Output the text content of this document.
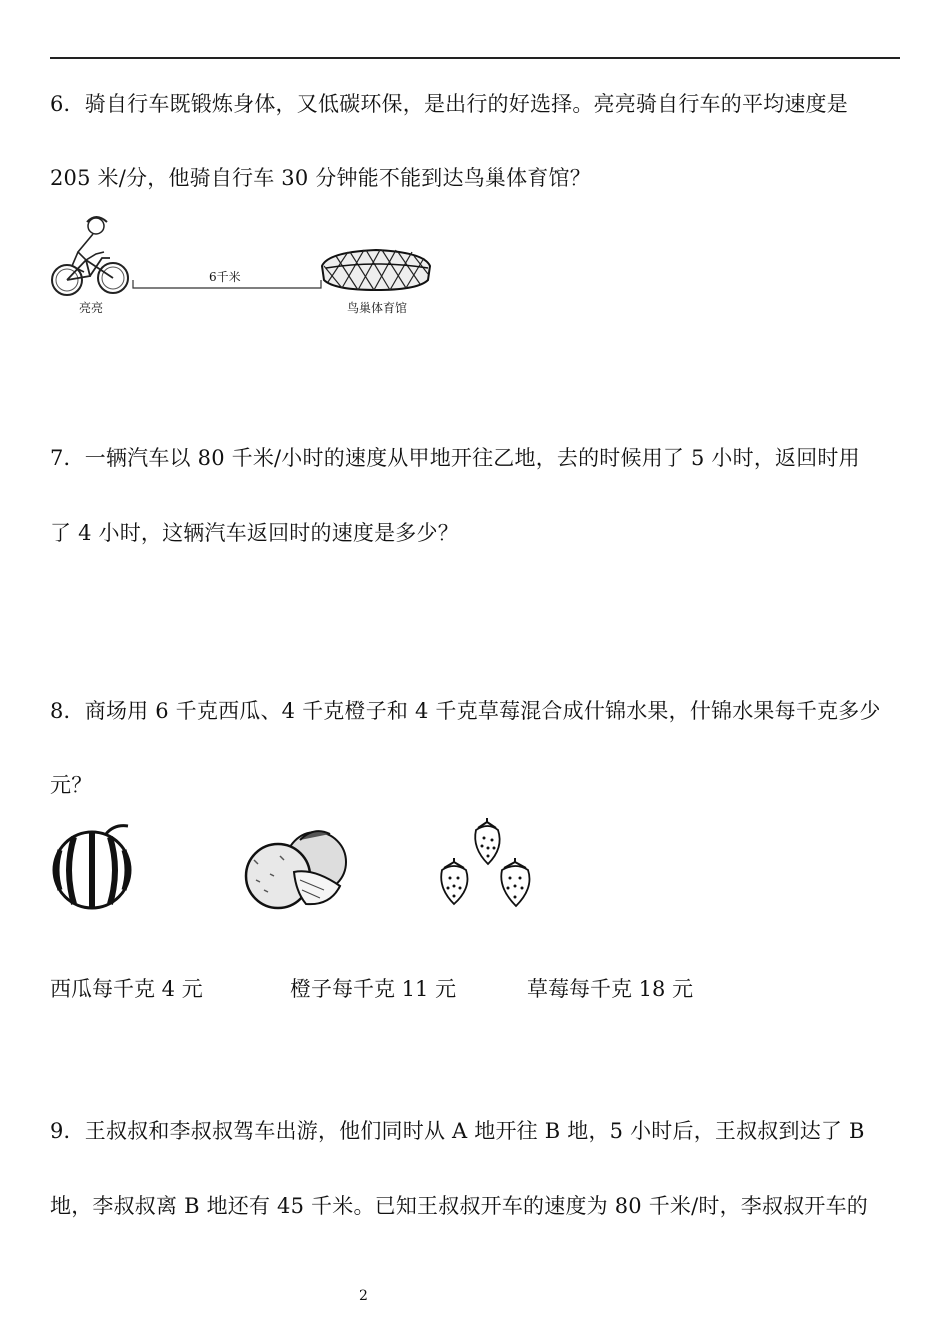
6．骑自行车既锻炼身体，又低碳环保，是出行的好选择。亮亮骑自行车的平均速度是
205 米/分，他骑自行车 30 分钟能不能到达鸟巢体育馆？
亮亮
6千米
鸟巢体育馆
7．一辆汽车以 80 千米/小时的速度从甲地开往乙地，去的时候用了 5 小时，返回时用
了 4 小时，这辆汽车返回时的速度是多少？
8．商场用 6 千克西瓜、4 千克橙子和 4 千克草莓混合成什锦水果，什锦水果每千克多少
元？
西瓜每千克 4 元	橙子每千克 11 元	草莓每千克 18 元
9．王叔叔和李叔叔驾车出游，他们同时从 A 地开往 B 地，5 小时后，王叔叔到达了 B
地，李叔叔离 B 地还有 45 千米。已知王叔叔开车的速度为 80 千米/时，李叔叔开车的
2
